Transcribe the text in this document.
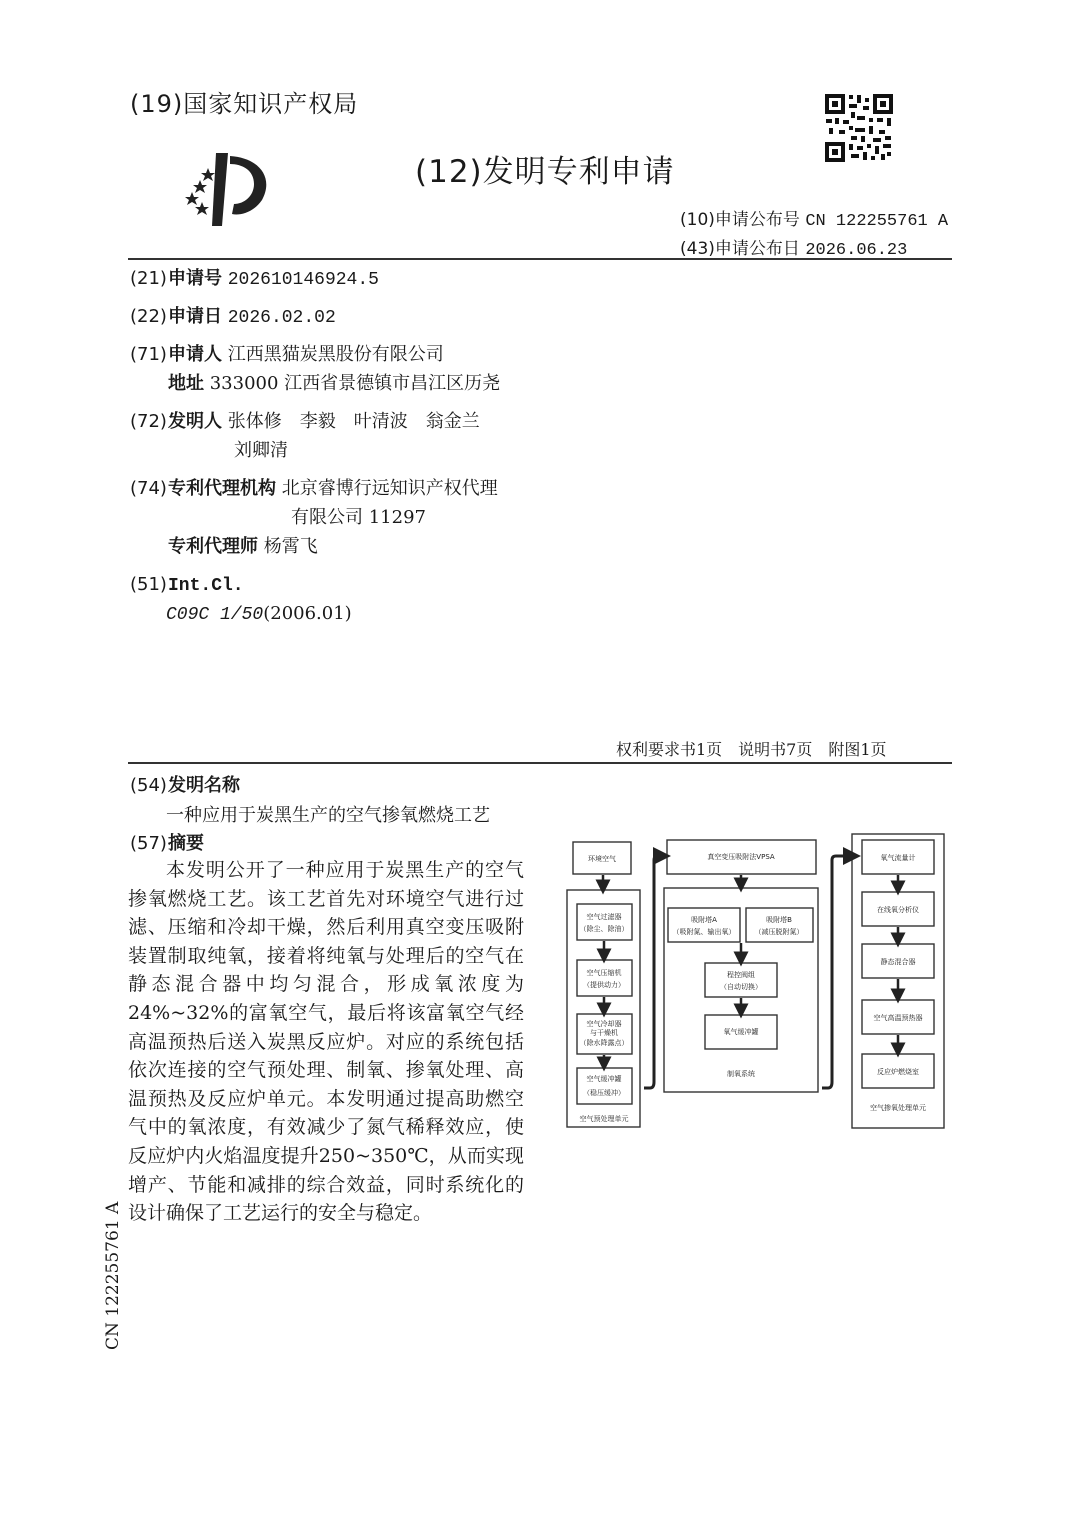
(19)国家知识产权局
(12)发明专利申请
(10)申请公布号 CN 122255761 A
(43)申请公布日 2026.06.23
(21)申请号 202610146924.5
(22)申请日 2026.02.02
(71)申请人 江西黑猫炭黑股份有限公司
地址 333000 江西省景德镇市昌江区历尧
(72)发明人 张体修　李毅　叶清波　翁金兰
刘卿清
(74)专利代理机构 北京睿博行远知识产权代理
有限公司 11297
专利代理师 杨霄飞
(51)Int.Cl.
C09C 1/50(2006.01)
权利要求书1页　说明书7页　附图1页
(54)发明名称
一种应用于炭黑生产的空气掺氧燃烧工艺
(57)摘要
本发明公开了一种应用于炭黑生产的空气掺氧燃烧工艺。该工艺首先对环境空气进行过滤、压缩和冷却干燥，然后利用真空变压吸附装置制取纯氧，接着将纯氧与处理后的空气在静态混合器中均匀混合，形成氧浓度为24%~32%的富氧空气，最后将该富氧空气经高温预热后送入炭黑反应炉。对应的系统包括依次连接的空气预处理、制氧、掺氧处理、高温预热及反应炉单元。本发明通过提高助燃空气中的氧浓度，有效减少了氮气稀释效应，使反应炉内火焰温度提升250~350℃，从而实现增产、节能和减排的综合效益，同时系统化的设计确保了工艺运行的安全与稳定。
CN 122255761 A
环境空气
空气过滤器
（除尘、除油）
空气压缩机
（提供动力）
空气冷却器
与干燥机
（除水降露点）
空气缓冲罐
（稳压缓冲）
空气预处理单元
真空变压吸附法VPSA
吸附塔A
（吸附氮、输出氧）
吸附塔B
（减压脱附氮）
程控阀组
（自动切换）
氧气缓冲罐
制氧系统
氧气流量计
在线氧分析仪
静态混合器
空气高温预热器
反应炉燃烧室
空气掺氧处理单元
